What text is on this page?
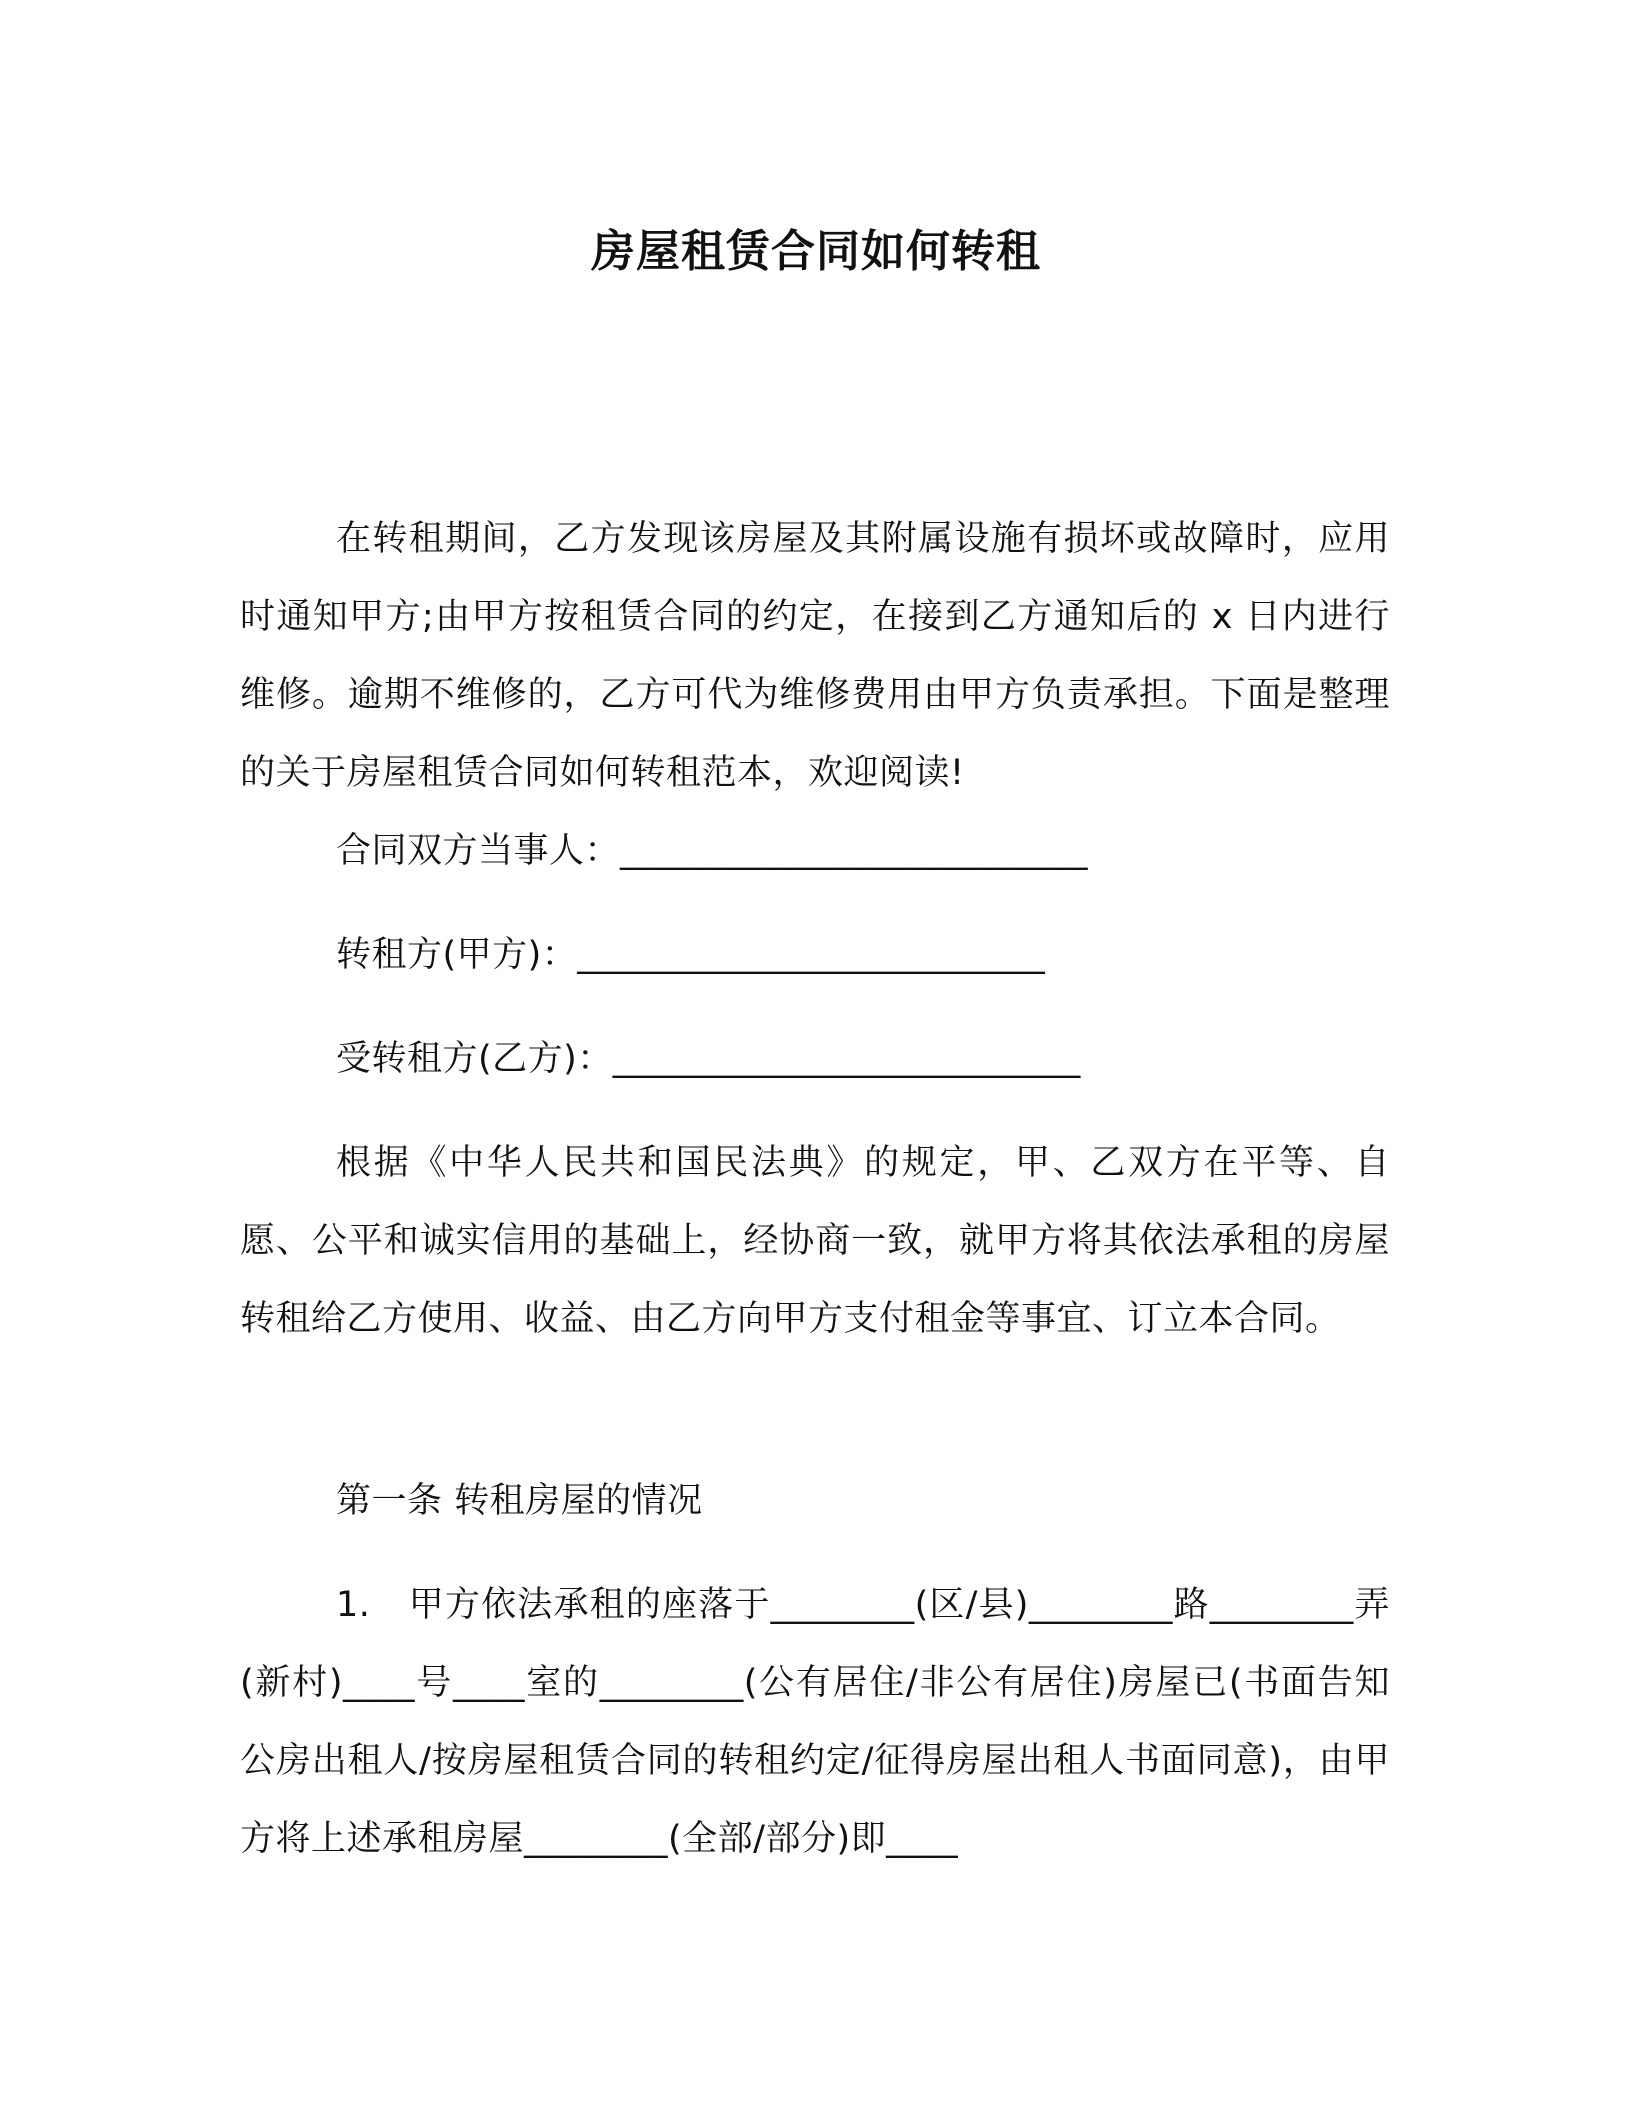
房屋租赁合同如何转租

在转租期间，乙方发现该房屋及其附属设施有损坏或故障时，应用时通知甲方;由甲方按租赁合同的约定，在接到乙方通知后的 x 日内进行维修。逾期不维修的，乙方可代为维修费用由甲方负责承担。下面是整理的关于房屋租赁合同如何转租范本，欢迎阅读!

合同双方当事人：__________________________

转租方(甲方)：__________________________

受转租方(乙方)：__________________________

根据《中华人民共和国民法典》的规定，甲、乙双方在平等、自愿、公平和诚实信用的基础上，经协商一致，就甲方将其依法承租的房屋转租给乙方使用、收益、由乙方向甲方支付租金等事宜、订立本合同。

第一条 转租房屋的情况

1. 甲方依法承租的座落于________(区/县)________路________弄(新村)____号____室的________(公有居住/非公有居住)房屋已(书面告知公房出租人/按房屋租赁合同的转租约定/征得房屋出租人书面同意)，由甲方将上述承租房屋________(全部/部分)即____
